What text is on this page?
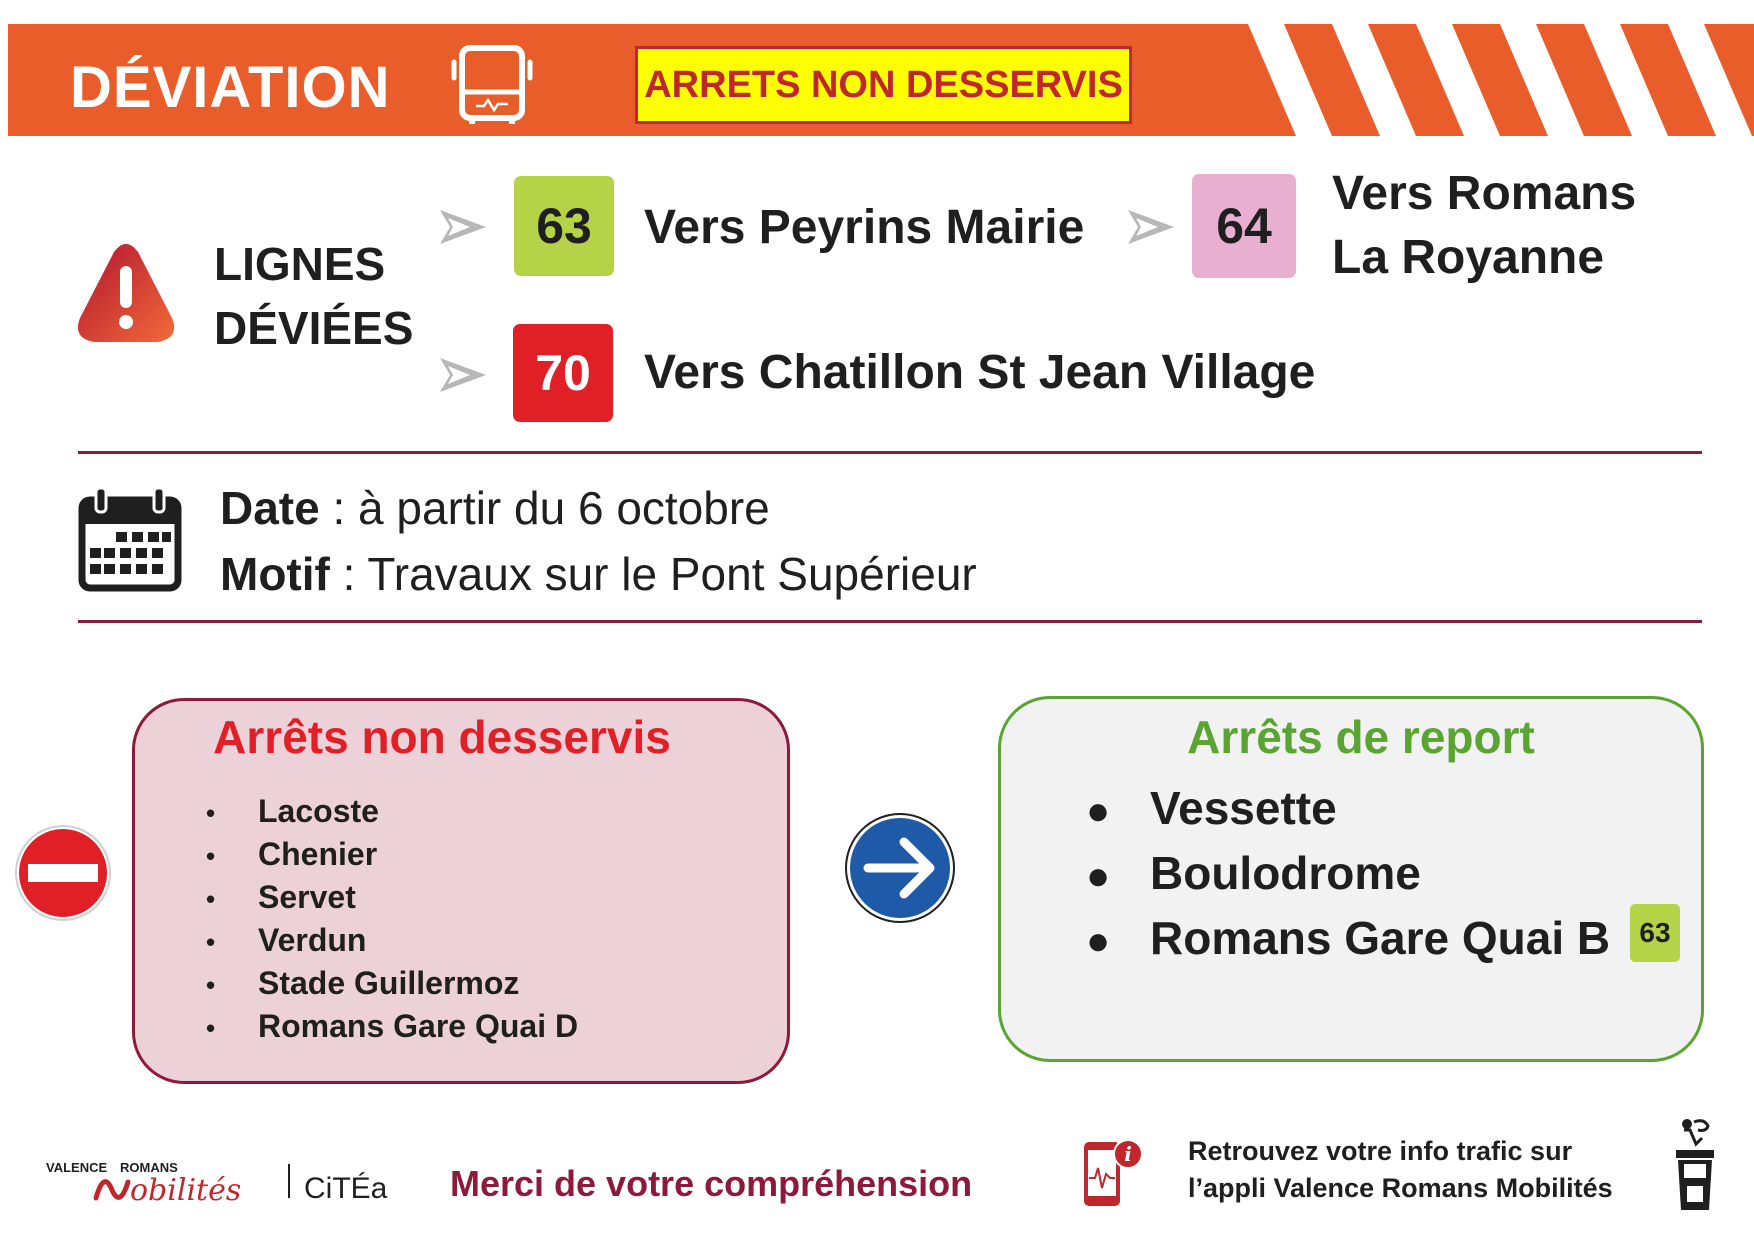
DÉVIATION	ARRETS NON DESSERVIS
LIGNES
DÉVIÉES
63	Vers Peyrins Mairie	64
Vers Romans
La Royanne
70	Vers Chatillon St Jean Village
Date : à partir du 6 octobre
Motif : Travaux sur le Pont Supérieur
Arrêts non desservis
• Lacoste
• Chenier
• Servet
• Verdun
• Stade Guillermoz
• Romans Gare Quai D
Arrêts de report
● Vessette
● Boulodrome
● Romans Gare Quai B	63
VALENCE ROMANS
obilités CiTÉa Merci de votre compréhension
i Retrouvez votre info trafic sur
l’appli Valence Romans Mobilités
